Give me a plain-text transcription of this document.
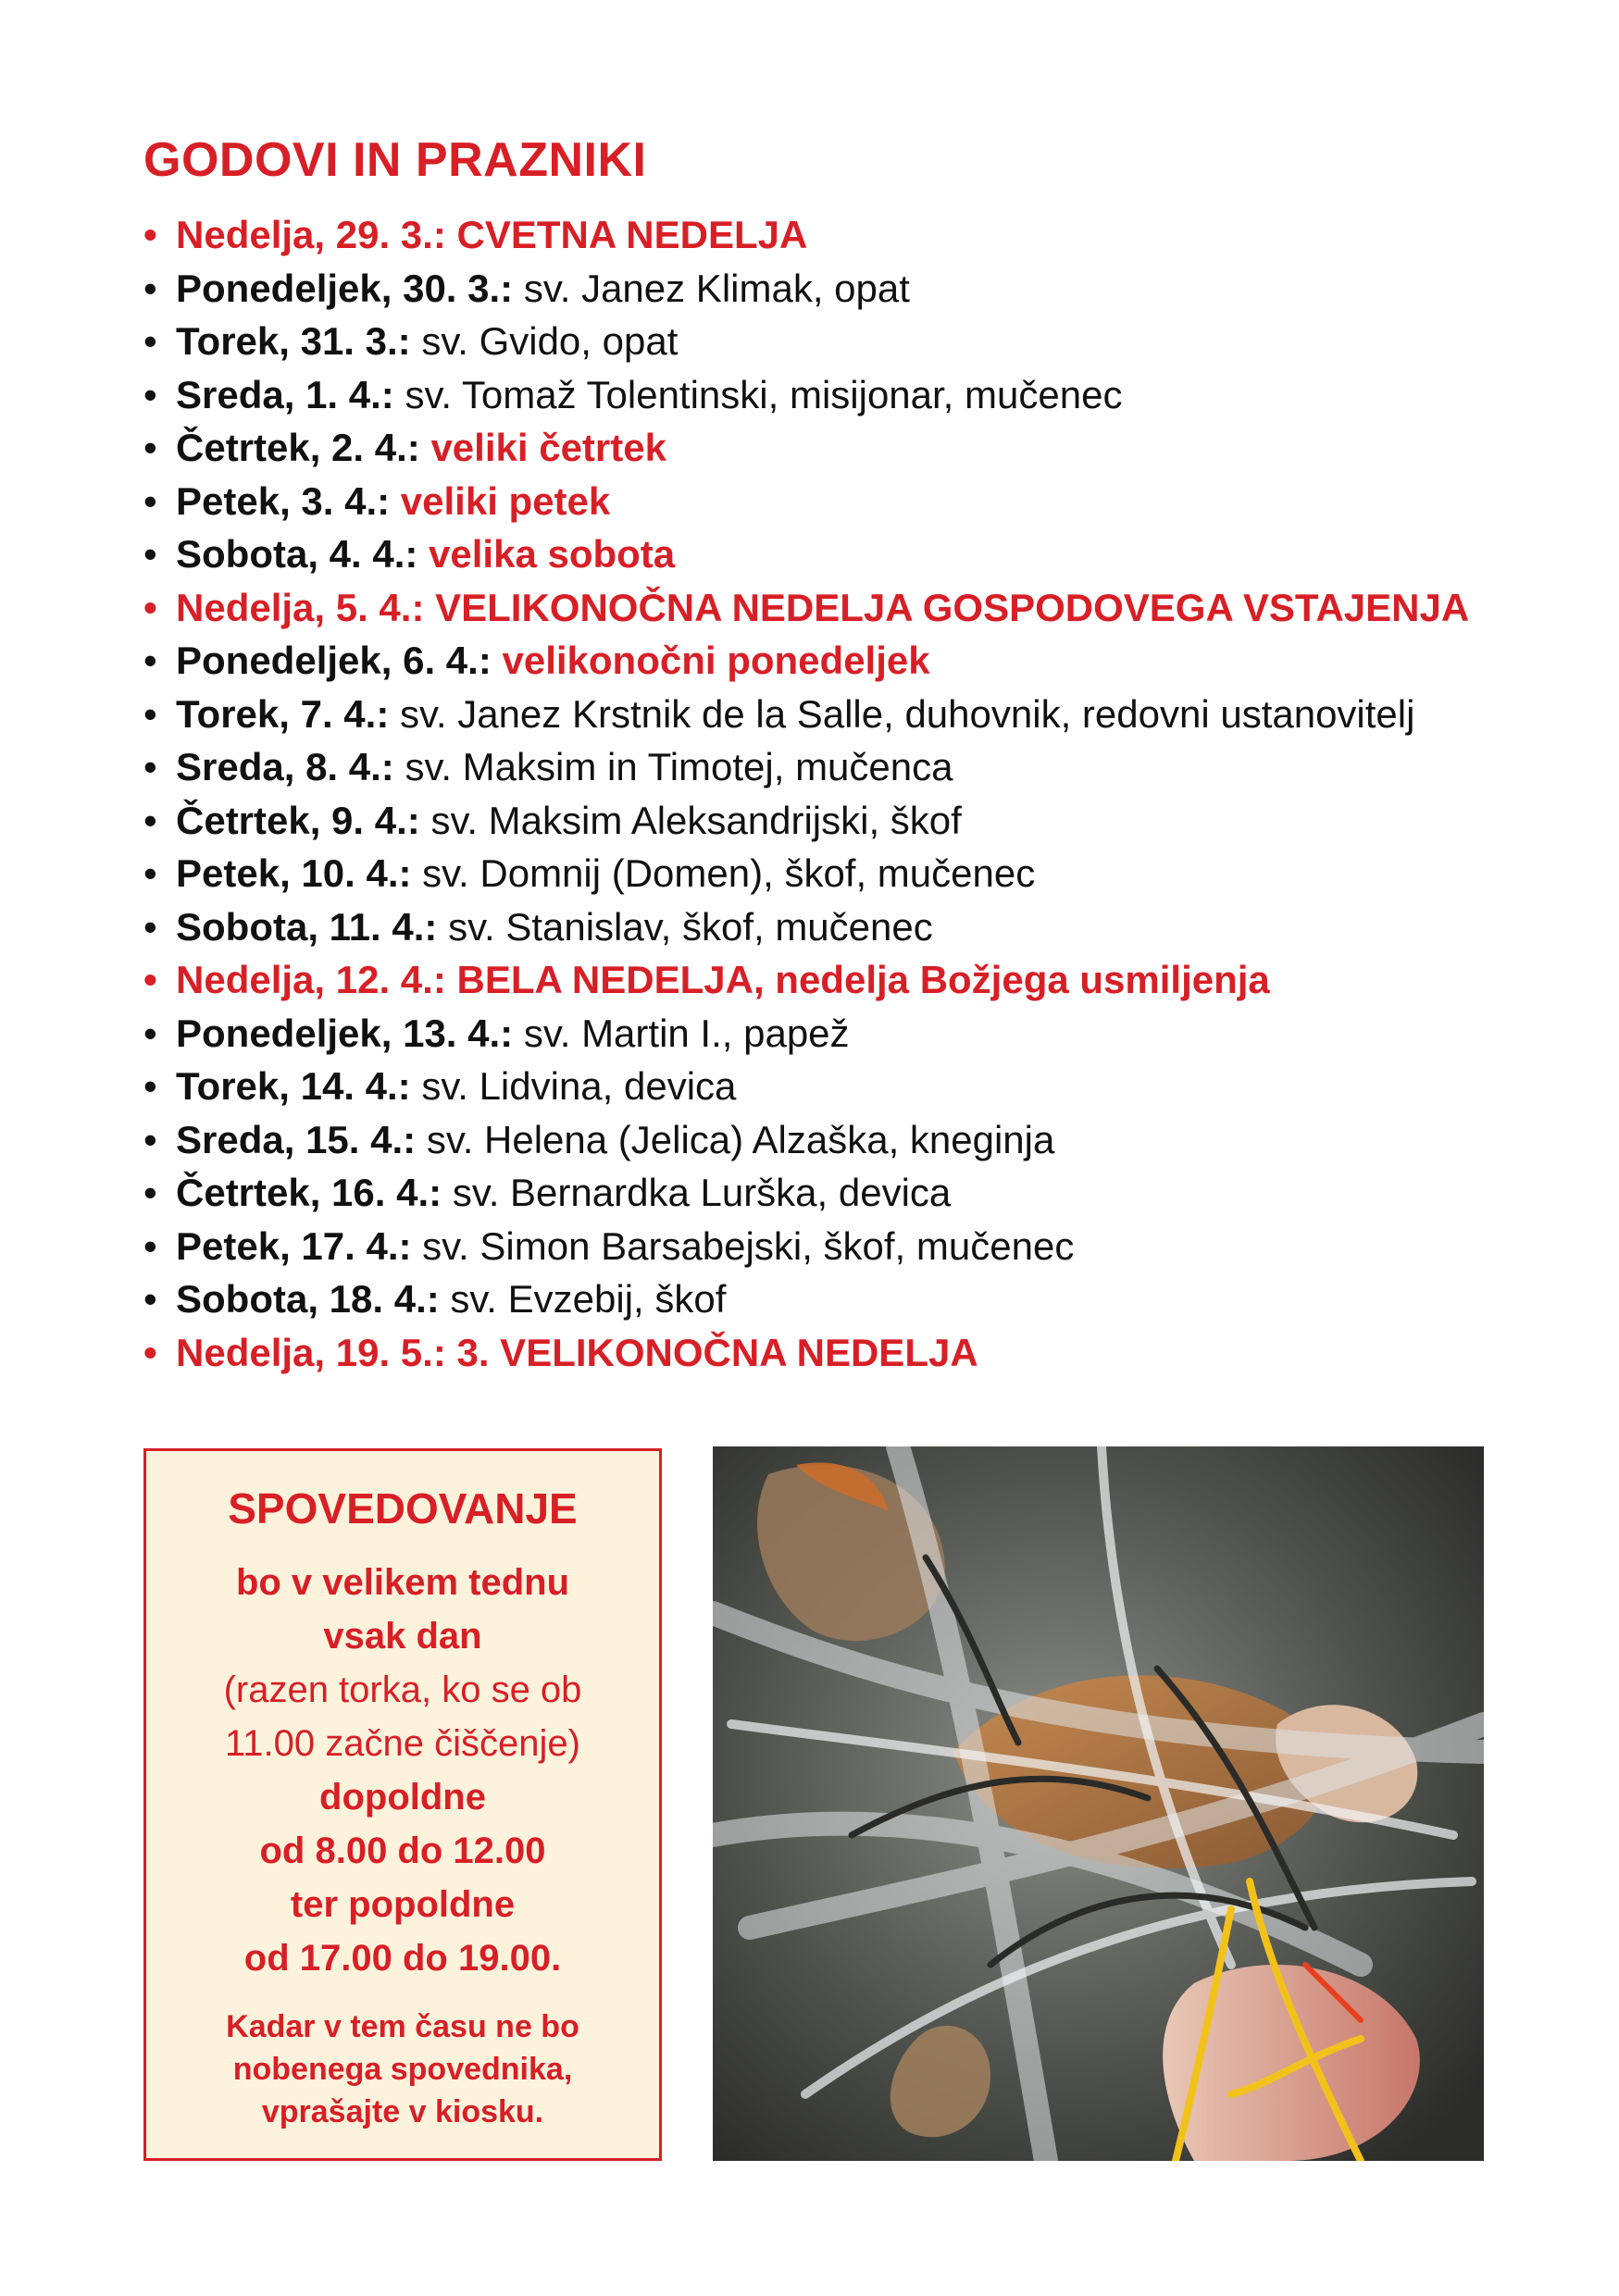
GODOVI IN PRAZNIKI
• Nedelja, 29. 3.: CVETNA NEDELJA
• Ponedeljek, 30. 3.: sv. Janez Klimak, opat
• Torek, 31. 3.: sv. Gvido, opat
• Sreda, 1. 4.: sv. Tomaž Tolentinski, misijonar, mučenec
• Četrtek, 2. 4.: veliki četrtek
• Petek, 3. 4.: veliki petek
• Sobota, 4. 4.: velika sobota
• Nedelja, 5. 4.: VELIKONOČNA NEDELJA GOSPODOVEGA VSTAJENJA
• Ponedeljek, 6. 4.: velikonočni ponedeljek
• Torek, 7. 4.: sv. Janez Krstnik de la Salle, duhovnik, redovni ustanovitelj
• Sreda, 8. 4.: sv. Maksim in Timotej, mučenca
• Četrtek, 9. 4.: sv. Maksim Aleksandrijski, škof
• Petek, 10. 4.: sv. Domnij (Domen), škof, mučenec
• Sobota, 11. 4.: sv. Stanislav, škof, mučenec
• Nedelja, 12. 4.: BELA NEDELJA, nedelja Božjega usmiljenja
• Ponedeljek, 13. 4.: sv. Martin I., papež
• Torek, 14. 4.: sv. Lidvina, devica
• Sreda, 15. 4.: sv. Helena (Jelica) Alzaška, kneginja
• Četrtek, 16. 4.: sv. Bernardka Lurška, devica
• Petek, 17. 4.: sv. Simon Barsabejski, škof, mučenec
• Sobota, 18. 4.: sv. Evzebij, škof
• Nedelja, 19. 5.: 3. VELIKONOČNA NEDELJA
SPOVEDOVANJE
bo v velikem tednu
vsak dan
(razen torka, ko se ob
11.00 začne čiščenje)
dopoldne
od 8.00 do 12.00
ter popoldne
od 17.00 do 19.00.
Kadar v tem času ne bo
nobenega spovednika,
vprašajte v kiosku.
